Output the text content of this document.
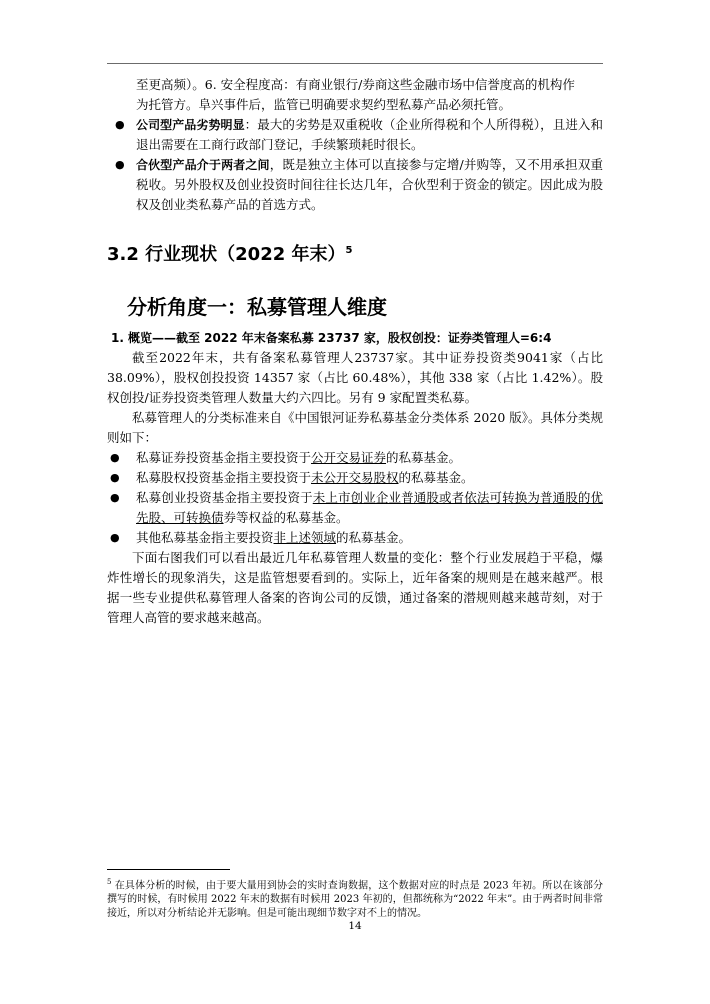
至更高频）。6. 安全程度高：有商业银行/券商这些金融市场中信誉度高的机构作
为托管方。阜兴事件后，监管已明确要求契约型私募产品必须托管。

● 公司型产品劣势明显：最大的劣势是双重税收（企业所得税和个人所得税），且进入和退出需要在工商行政部门登记，手续繁琐耗时很长。

● 合伙型产品介于两者之间，既是独立主体可以直接参与定增/并购等，又不用承担双重税收。另外股权及创业投资时间往往长达几年，合伙型利于资金的锁定。因此成为股权及创业类私募产品的首选方式。

3.2 行业现状（2022 年末）$^5$
分析角度一：私募管理人维度

1. 概览——截至 2022 年末备案私募 23737 家，股权创投：证券类管理人=6:4

截至2022年末，共有备案私募管理人23737家。其中证券投资类9041家（占比38.09%），股权创投投资 14357 家（占比 60.48%），其他 338 家（占比 1.42%）。股权创投/证券投资类管理人数量大约六四比。另有 9 家配置类私募。

私募管理人的分类标准来自《中国银河证券私募基金分类体系 2020 版》。具体分类规则如下：

● 私募证券投资基金指主要投资于公开交易证券的私募基金。

● 私募股权投资基金指主要投资于未公开交易股权的私募基金。

● 私募创业投资基金指主要投资于未上市创业企业普通股或者依法可转换为普通股的优先股、可转换债券等权益的私募基金。

● 其他私募基金指主要投资非上述领域的私募基金。

下面右图我们可以看出最近几年私募管理人数量的变化：整个行业发展趋于平稳，爆炸性增长的现象消失，这是监管想要看到的。实际上，近年备案的规则是在越来越严。根据一些专业提供私募管理人备案的咨询公司的反馈，通过备案的潜规则越来越苛刻，对于管理人高管的要求越来越高。

$^5$ 在具体分析的时候，由于要大量用到协会的实时查询数据，这个数据对应的时点是 2023 年初。所以在该部分撰写的时候，有时候用 2022 年末的数据有时候用 2023 年初的，但都统称为“2022 年末”。由于两者时间非常接近，所以对分析结论并无影响。但是可能出现细节数字对不上的情况。
14
